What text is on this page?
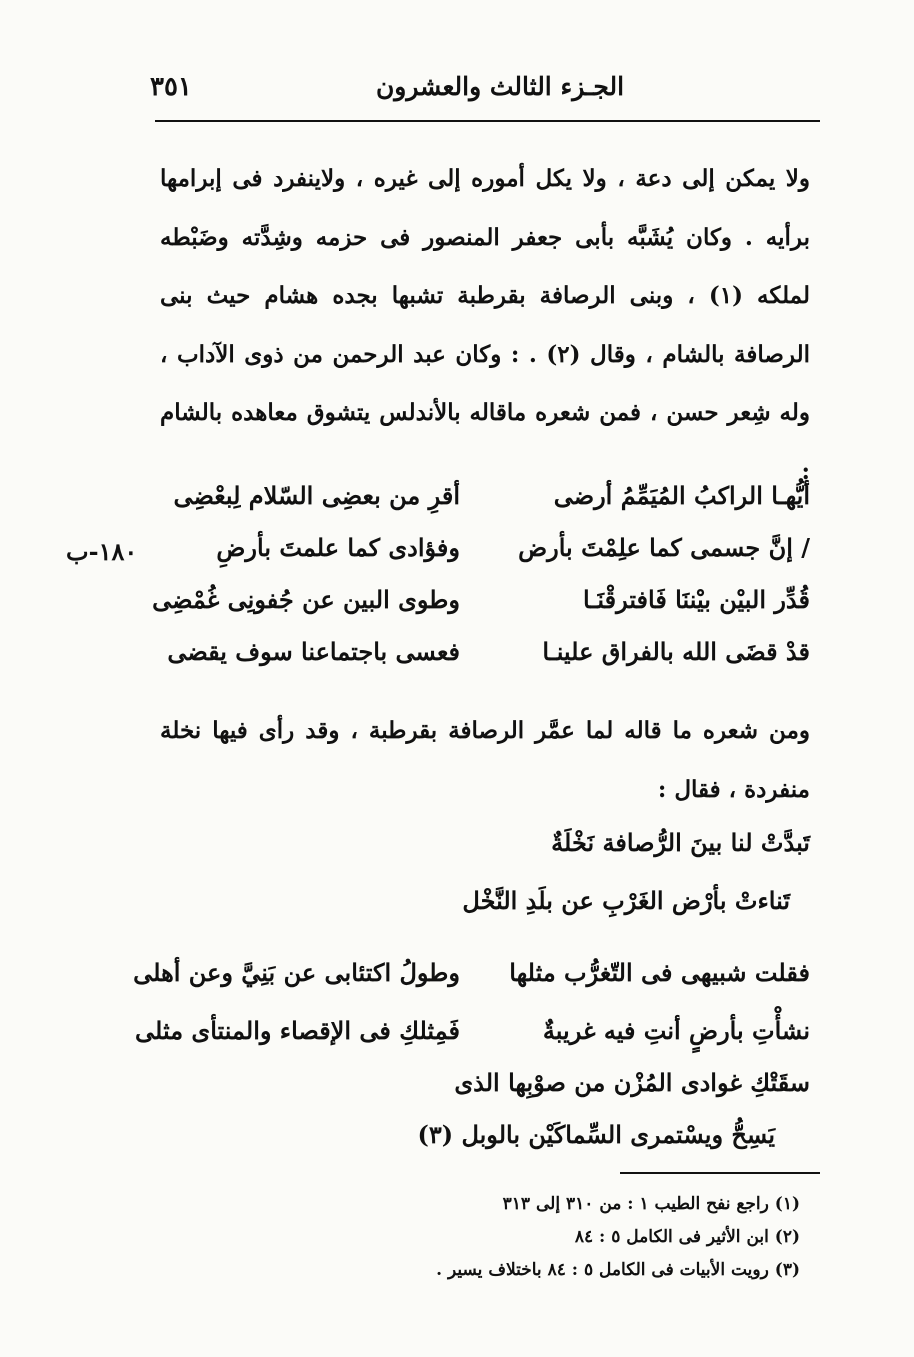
٣٥١	الجـزء الثالث والعشرون

ولا يمكن إلى دعة ، ولا يكل أموره إلى غيره ، ولاينفرد فى إبرامها برأيه . وكان يُشَبَّه بأبى جعفر المنصور فى حزمه وشِدَّته وضَبْطه لملكه (١) ، وبنى الرصافة بقرطبة تشبها بجده هشام حيث بنى الرصافة بالشام ، وقال (٢) . : وكان عبد الرحمن من ذوى الآداب ، وله شِعر حسن ، فمن شعره ماقاله بالأندلس يتشوق معاهده بالشام :

١٨٠-ب
أيُّهـا الراكبُ المُيَمِّمُ أرضى
أقرِ من بعضِى السّلام لِبعْضِى
/ إنَّ جسمى كما علِمْتَ بأرض
وفؤادى كما علمتَ بأرضِ
قُدِّر البيْن بيْننَا فَافترقْنَـا
وطوى البين عن جُفونِى غُمْضِى
قدْ قضَى الله بالفراق علينـا
فعسى باجتماعنا سوف يقضى

ومن شعره ما قاله لما عمَّر الرصافة بقرطبة ، وقد رأى فيها نخلة منفردة ، فقال :

تَبدَّتْ لنا بينَ الرُّصافة نَخْلَةٌ
تَناءتْ بأرْض الغَرْبِ عن بلَدِ النَّخْل
فقلت شبيهى فى التّغرُّب مثلها
وطولُ اكتئابى عن بَنِيَّ وعن أهلى
نشأْتِ بأرضٍ أنتِ فيه غريبةٌ
فَمِثلكِ فى الإقصاء والمنتأى مثلى
سقَتْكِ غوادى المُزْن من صوْبِها الذى
يَسِحُّ ويسْتمرى السِّماكَيْن بالوبل (٣)
(١) راجع نفح الطيب ١ : من ٣١٠ إلى ٣١٣
(٢) ابن الأثير فى الكامل ٥ : ٨٤
(٣) رويت الأبيات فى الكامل ٥ : ٨٤ باختلاف يسير .
